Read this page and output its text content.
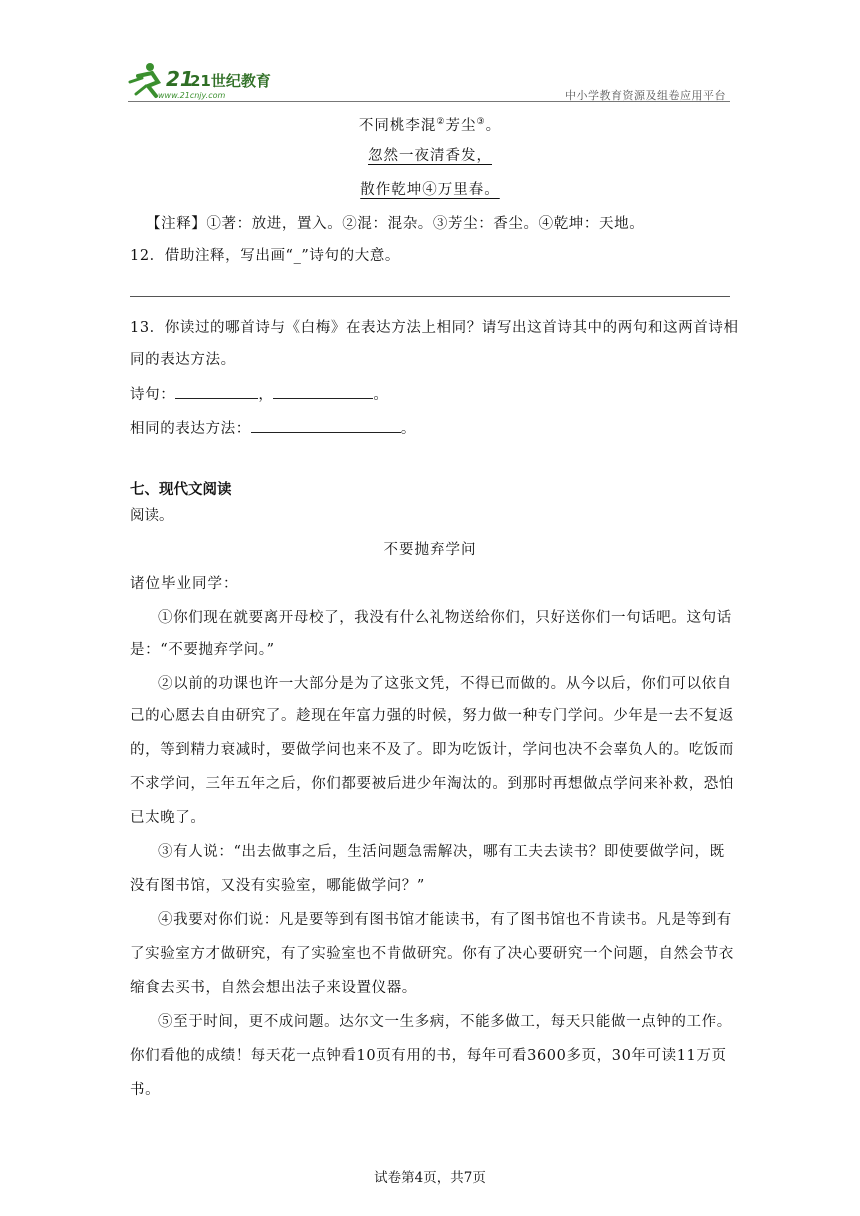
21
21世纪教育
www.21cnjy.com	中小学教育资源及组卷应用平台
不同桃李混②芳尘③。
忽然一夜清香发，
散作乾坤④万里春。
【注释】①著：放进，置入。②混：混杂。③芳尘：香尘。④乾坤：天地。
12．借助注释，写出画“_”诗句的大意。
13．你读过的哪首诗与《白梅》在表达方法上相同？请写出这首诗其中的两句和这两首诗相
同的表达方法。
诗句：	，	。
相同的表达方法：	。
七、现代文阅读
阅读。
不要抛弃学问
诸位毕业同学：
①你们现在就要离开母校了，我没有什么礼物送给你们，只好送你们一句话吧。这句话
是：“不要抛弃学问。”
②以前的功课也许一大部分是为了这张文凭，不得已而做的。从今以后，你们可以依自
己的心愿去自由研究了。趁现在年富力强的时候，努力做一种专门学问。少年是一去不复返
的，等到精力衰减时，要做学问也来不及了。即为吃饭计，学问也决不会辜负人的。吃饭而
不求学问，三年五年之后，你们都要被后进少年淘汰的。到那时再想做点学问来补救，恐怕
已太晚了。
③有人说：“出去做事之后，生活问题急需解决，哪有工夫去读书？即使要做学问，既
没有图书馆，又没有实验室，哪能做学问？”
④我要对你们说：凡是要等到有图书馆才能读书，有了图书馆也不肯读书。凡是等到有
了实验室方才做研究，有了实验室也不肯做研究。你有了决心要研究一个问题，自然会节衣
缩食去买书，自然会想出法子来设置仪器。
⑤至于时间，更不成问题。达尔文一生多病，不能多做工，每天只能做一点钟的工作。
你们看他的成绩！每天花一点钟看10页有用的书，每年可看3600多页，30年可读11万页
书。
试卷第4页，共7页
